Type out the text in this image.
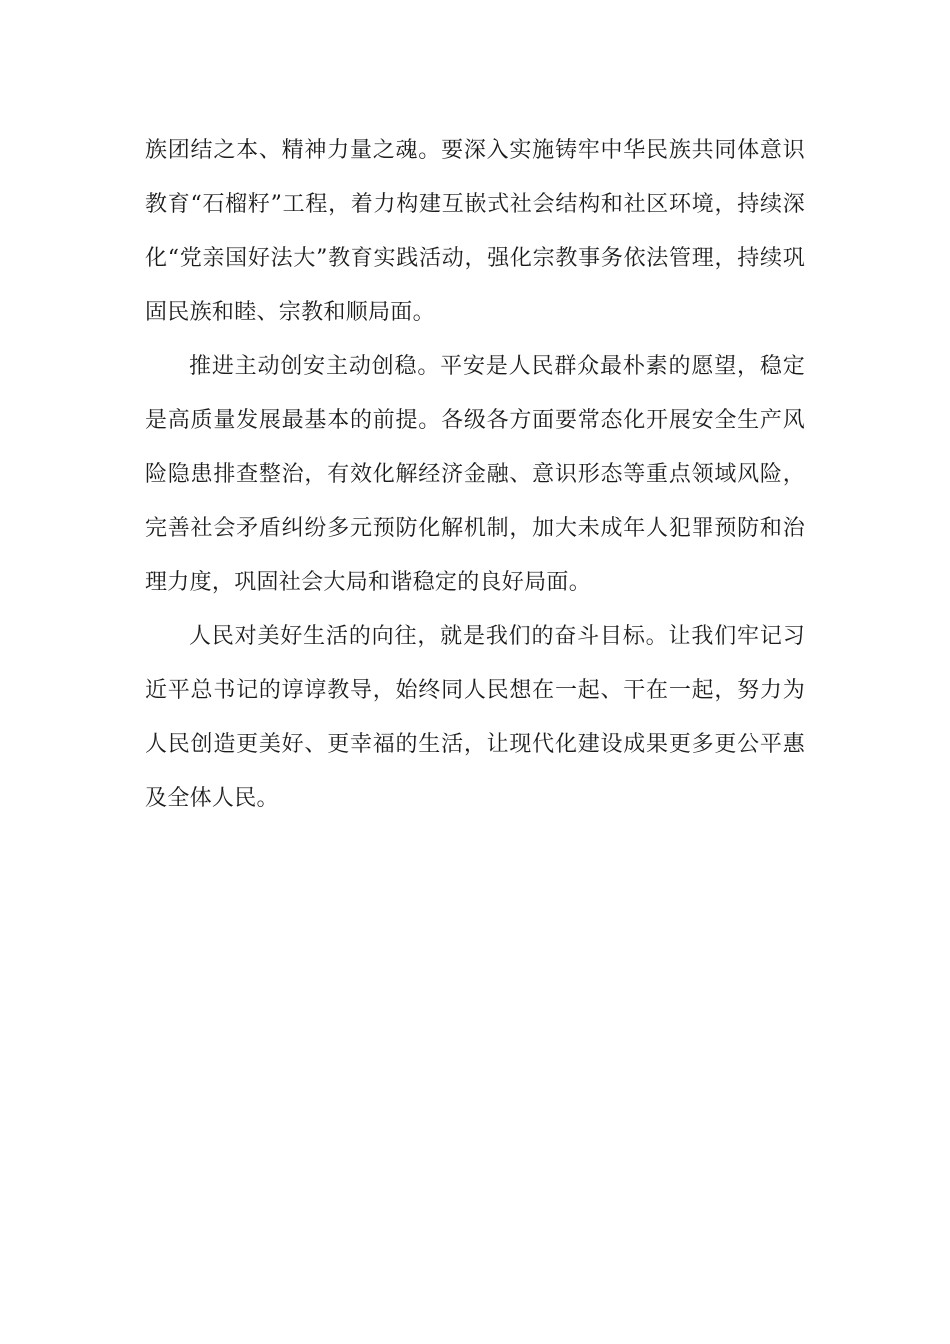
族团结之本、精神力量之魂。要深入实施铸牢中华民族共同体意识教育“石榴籽”工程，着力构建互嵌式社会结构和社区环境，持续深化“党亲国好法大”教育实践活动，强化宗教事务依法管理，持续巩固民族和睦、宗教和顺局面。

推进主动创安主动创稳。平安是人民群众最朴素的愿望，稳定是高质量发展最基本的前提。各级各方面要常态化开展安全生产风险隐患排查整治，有效化解经济金融、意识形态等重点领域风险，完善社会矛盾纠纷多元预防化解机制，加大未成年人犯罪预防和治理力度，巩固社会大局和谐稳定的良好局面。

人民对美好生活的向往，就是我们的奋斗目标。让我们牢记习近平总书记的谆谆教导，始终同人民想在一起、干在一起，努力为人民创造更美好、更幸福的生活，让现代化建设成果更多更公平惠及全体人民。
